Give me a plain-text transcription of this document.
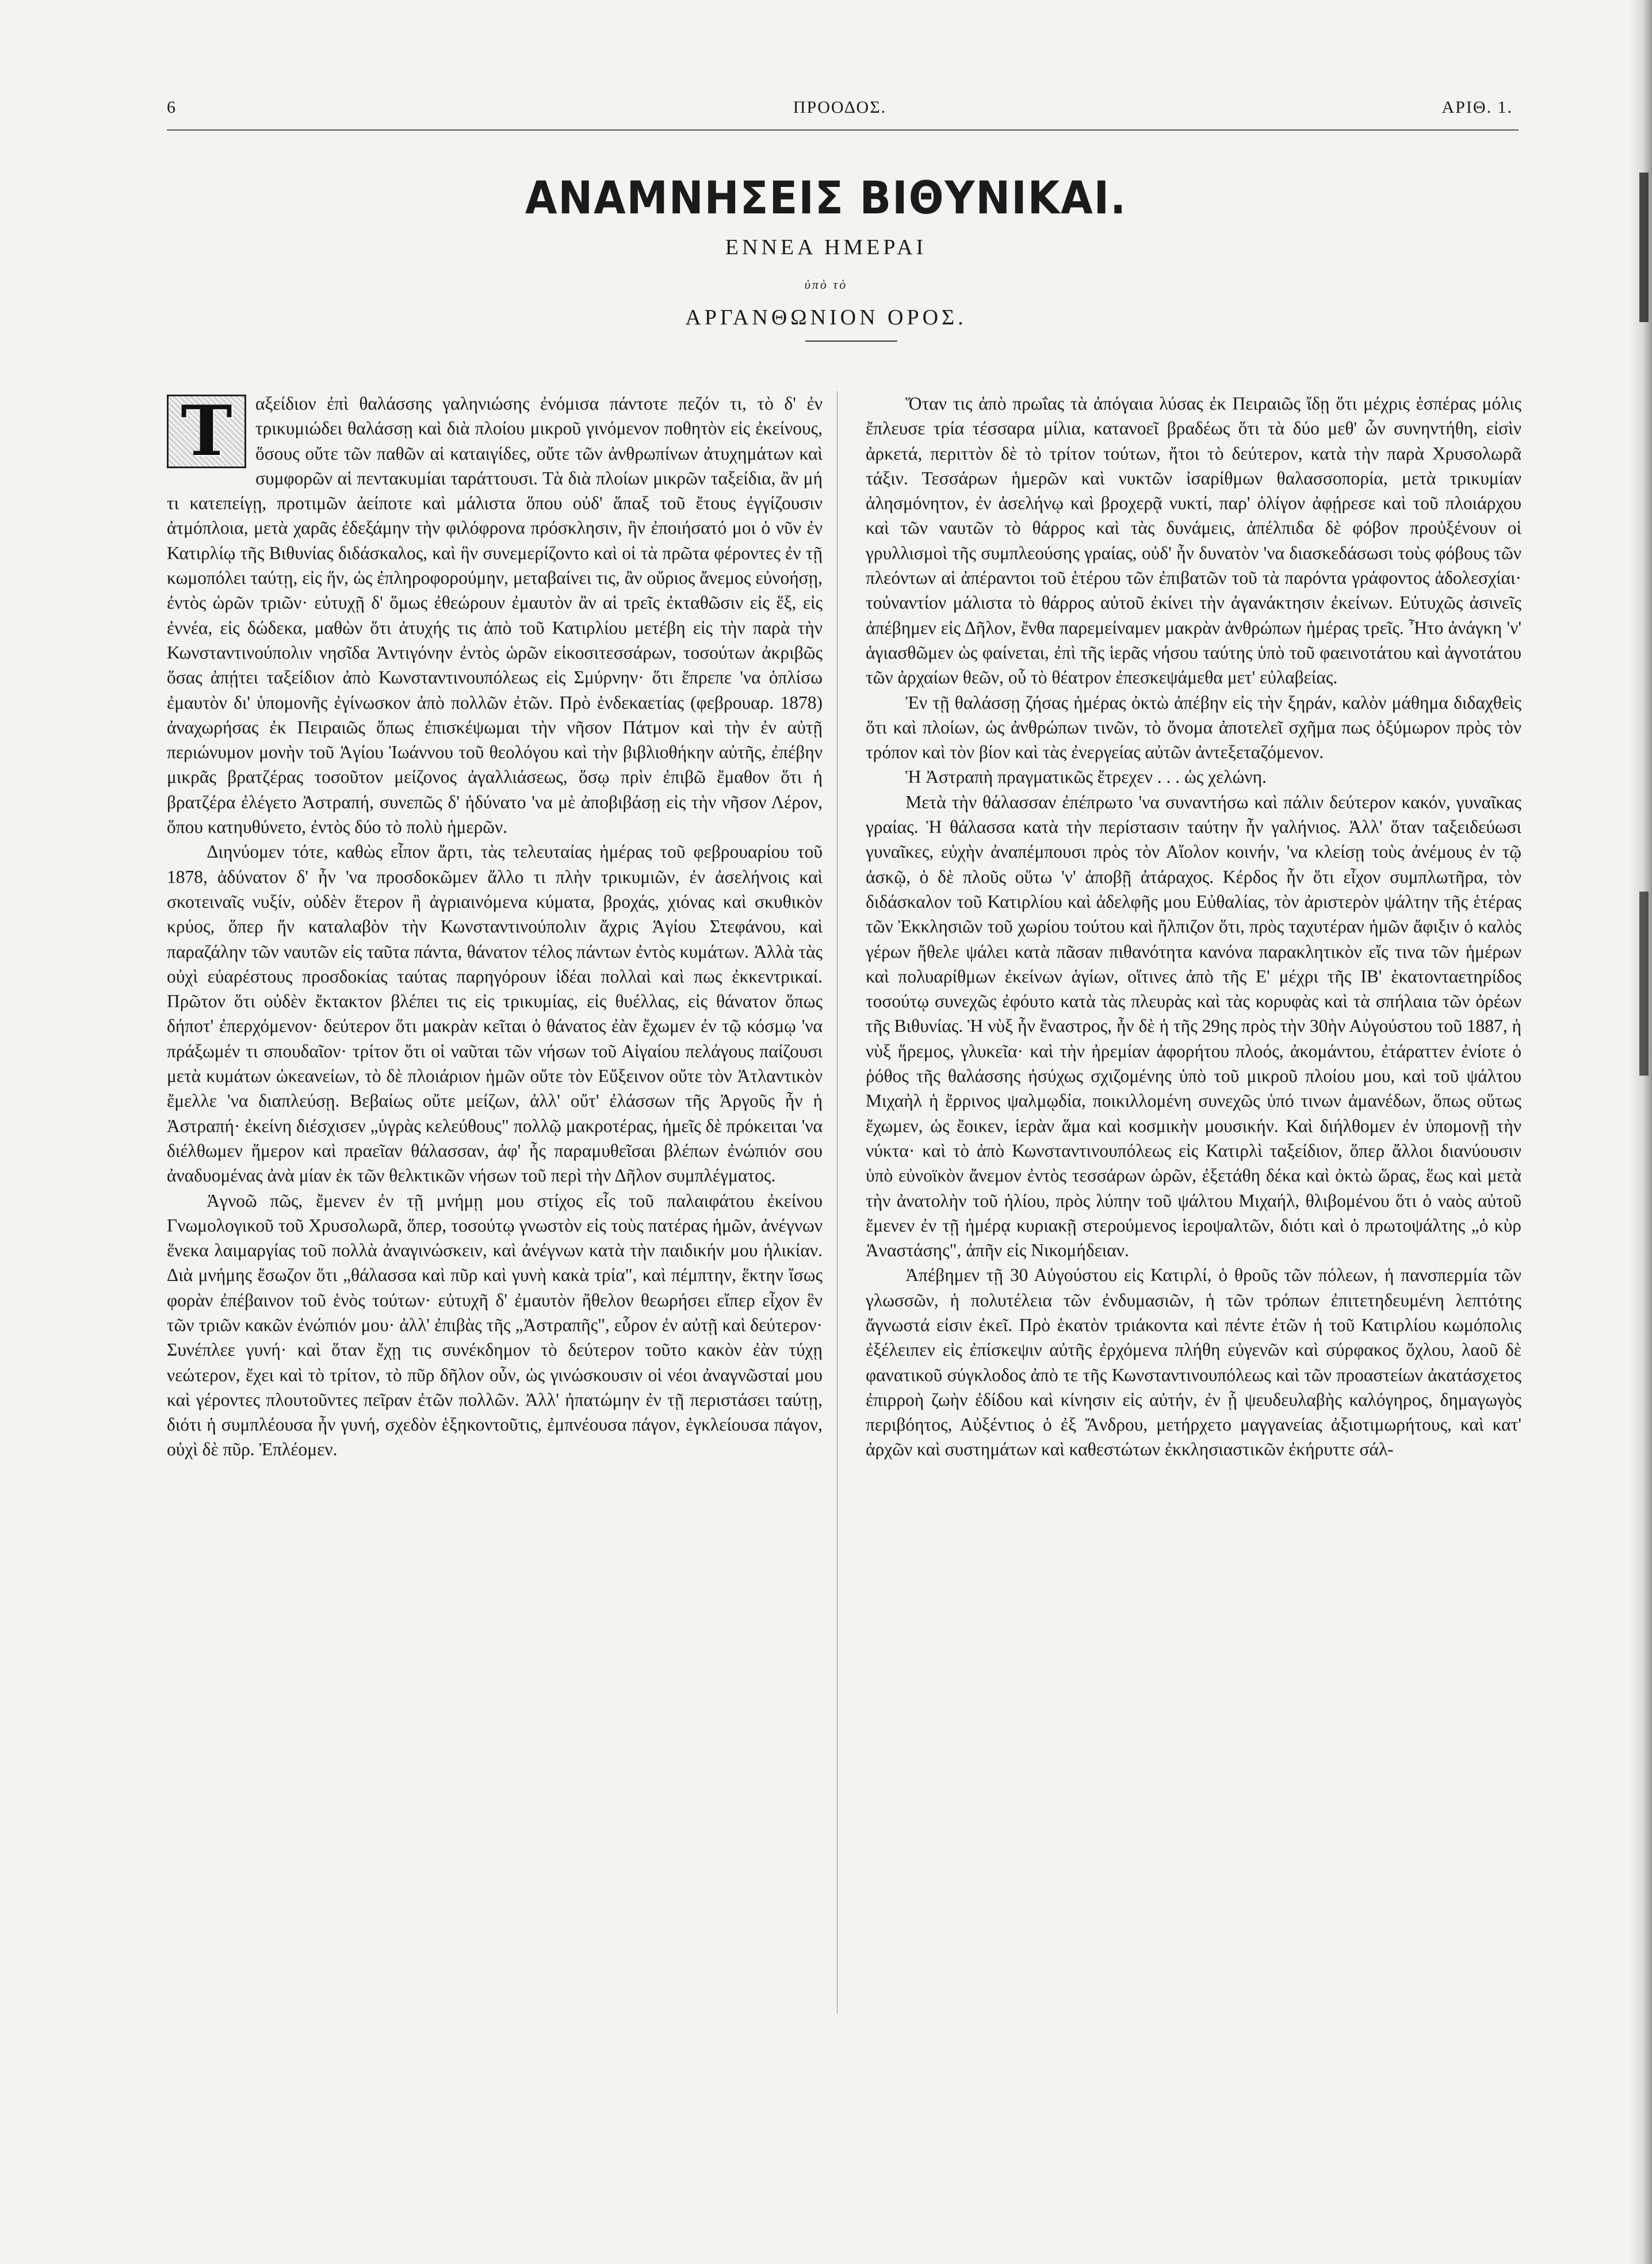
6	ΠΡΟΟΔΟΣ.	ΑΡΙΘ. 1.
ΑΝΑΜΝΗΣΕΙΣ ΒΙΘΥΝΙΚΑΙ.
ΕΝΝΕΑ ΗΜΕΡΑΙ
ὑπὸ τὸ
ΑΡΓΑΝΘΩΝΙΟΝ ΟΡΟΣ.

Τ	αξείδιον ἐπὶ θαλάσσης γαληνιώσης ἐνόμισα πάντοτε πεζόν τι, τὸ δ' ἐν τρικυμιώδει θαλάσσῃ καὶ διὰ πλοίου μικροῦ γινόμενον ποθητὸν εἰς ἐκείνους, ὅσους οὔτε τῶν παθῶν αἱ καταιγίδες, οὔτε τῶν ἀνθρωπίνων ἀτυχημάτων καὶ συμφορῶν αἱ πεντακυμίαι ταράττουσι. Τὰ διὰ πλοίων μικρῶν ταξείδια, ἂν μή τι κατεπείγῃ, προτιμῶν ἀείποτε καὶ μάλιστα ὅπου οὐδ' ἅπαξ τοῦ ἔτους ἐγγίζουσιν ἀτμόπλοια, μετὰ χαρᾶς ἐδεξάμην τὴν φιλόφρονα πρόσκλησιν, ἣν ἐποιήσατό μοι ὁ νῦν ἐν Κατιρλίῳ τῆς Βιθυνίας διδάσκαλος, καὶ ἣν συνεμερίζοντο καὶ οἱ τὰ πρῶτα φέροντες ἐν τῇ κωμοπόλει ταύτῃ, εἰς ἥν, ὡς ἐπληροφορούμην, μεταβαίνει τις, ἂν οὔριος ἄνεμος εὐνοήσῃ, ἐντὸς ὡρῶν τριῶν· εὐτυχῇ δ' ὅμως ἐθεώρουν ἐμαυτὸν ἂν αἱ τρεῖς ἐκταθῶσιν εἰς ἕξ, εἰς ἐννέα, εἰς δώδεκα, μαθὼν ὅτι ἀτυχής τις ἀπὸ τοῦ Κατιρλίου μετέβη εἰς τὴν παρὰ τὴν Κωνσταντινούπολιν νησῖδα Ἀντιγόνην ἐντὸς ὡρῶν εἰκοσιτεσσάρων, τοσούτων ἀκριβῶς ὅσας ἀπῄτει ταξείδιον ἀπὸ Κωνσταντινουπόλεως εἰς Σμύρνην· ὅτι ἔπρεπε 'να ὁπλίσω ἐμαυτὸν δι' ὑπομονῆς ἐγίνωσκον ἀπὸ πολλῶν ἐτῶν. Πρὸ ἑνδεκαετίας (φεβρουαρ. 1878) ἀναχωρήσας ἐκ Πειραιῶς ὅπως ἐπισκέψωμαι τὴν νῆσον Πάτμον καὶ τὴν ἐν αὐτῇ περιώνυμον μονὴν τοῦ Ἁγίου Ἰωάννου τοῦ θεολόγου καὶ τὴν βιβλιοθήκην αὐτῆς, ἐπέβην μικρᾶς βρατζέρας τοσοῦτον μείζονος ἀγαλλιάσεως, ὅσῳ πρὶν ἐπιβῶ ἔμαθον ὅτι ἡ βρατζέρα ἐλέγετο Ἀστραπή, συνεπῶς δ' ἠδύνατο 'να μὲ ἀποβιβάσῃ εἰς τὴν νῆσον Λέρον, ὅπου κατηυθύνετο, ἐντὸς δύο τὸ πολὺ ἡμερῶν.

Διηνύομεν τότε, καθὼς εἶπον ἄρτι, τὰς τελευταίας ἡμέρας τοῦ φεβρουαρίου τοῦ 1878, ἀδύνατον δ' ἦν 'να προσδοκῶμεν ἄλλο τι πλὴν τρικυμιῶν, ἐν ἀσελήνοις καὶ σκοτειναῖς νυξίν, οὐδὲν ἕτερον ἢ ἀγριαινόμενα κύματα, βροχάς, χιόνας καὶ σκυθικὸν κρύος, ὅπερ ἤν καταλαβὸν τὴν Κωνσταντινούπολιν ἄχρις Ἁγίου Στεφάνου, καὶ παραζάλην τῶν ναυτῶν εἰς ταῦτα πάντα, θάνατον τέλος πάντων ἐντὸς κυμάτων. Ἀλλὰ τὰς οὐχὶ εὐαρέστους προσδοκίας ταύτας παρηγόρουν ἰδέαι πολλαὶ καὶ πως ἐκκεντρικαί. Πρῶτον ὅτι οὐδὲν ἔκτακτον βλέπει τις εἰς τρικυμίας, εἰς θυέλλας, εἰς θάνατον ὅπως δήποτ' ἐπερχόμενον· δεύτερον ὅτι μακρὰν κεῖται ὁ θάνατος ἐὰν ἔχωμεν ἐν τῷ κόσμῳ 'να πράξωμέν τι σπουδαῖον· τρίτον ὅτι οἱ ναῦται τῶν νήσων τοῦ Αἰγαίου πελάγους παίζουσι μετὰ κυμάτων ὠκεανείων, τὸ δὲ πλοιάριον ἡμῶν οὔτε τὸν Εὔξεινον οὔτε τὸν Ἀτλαντικὸν ἔμελλε 'να διαπλεύσῃ. Βεβαίως οὔτε μείζων, ἀλλ' οὔτ' ἐλάσσων τῆς Ἀργοῦς ἦν ἡ Ἀστραπή· ἐκείνη διέσχισεν „ὑγρὰς κελεύθους" πολλῷ μακροτέρας, ἡμεῖς δὲ πρόκειται 'να διέλθωμεν ἥμερον καὶ πραεῖαν θάλασσαν, ἀφ' ἧς παραμυθεῖσαι βλέπων ἐνώπιόν σου ἀναδυομένας ἀνὰ μίαν ἐκ τῶν θελκτικῶν νήσων τοῦ περὶ τὴν Δῆλον συμπλέγματος.

Ἀγνοῶ πῶς, ἔμενεν ἐν τῇ μνήμῃ μου στίχος εἷς τοῦ παλαιφάτου ἐκείνου Γνωμολογικοῦ τοῦ Χρυσολωρᾶ, ὅπερ, τοσούτῳ γνωστὸν εἰς τοὺς πατέρας ἡμῶν, ἀνέγνων ἕνεκα λαιμαργίας τοῦ πολλὰ ἀναγινώσκειν, καὶ ἀνέγνων κατὰ τὴν παιδικήν μου ἡλικίαν. Διὰ μνήμης ἔσωζον ὅτι „θάλασσα καὶ πῦρ καὶ γυνὴ κακὰ τρία", καὶ πέμπτην, ἕκτην ἴσως φορὰν ἐπέβαινον τοῦ ἑνὸς τούτων· εὐτυχῆ δ' ἐμαυτὸν ἤθελον θεωρήσει εἴπερ εἶχον ἓν τῶν τριῶν κακῶν ἐνώπιόν μου· ἀλλ' ἐπιβὰς τῆς „Ἀστραπῆς", εὗρον ἐν αὐτῇ καὶ δεύτερον· Συνέπλεε γυνή· καὶ ὅταν ἔχῃ τις συνέκδημον τὸ δεύτερον τοῦτο κακὸν ἐὰν τύχῃ νεώτερον, ἔχει καὶ τὸ τρίτον, τὸ πῦρ δῆλον οὖν, ὡς γινώσκουσιν οἱ νέοι ἀναγνῶσταί μου καὶ γέροντες πλουτοῦντες πεῖραν ἐτῶν πολλῶν. Ἀλλ' ἠπατώμην ἐν τῇ περιστάσει ταύτῃ, διότι ἡ συμπλέουσα ἦν γυνή, σχεδὸν ἑξηκοντοῦτις, ἐμπνέουσα πάγον, ἐγκλείουσα πάγον, οὐχὶ δὲ πῦρ. Ἐπλέομεν.

Ὅταν τις ἀπὸ πρωΐας τὰ ἀπόγαια λύσας ἐκ Πειραιῶς ἴδῃ ὅτι μέχρις ἑσπέρας μόλις ἔπλευσε τρία τέσσαρα μίλια, κατανοεῖ βραδέως ὅτι τὰ δύο μεθ' ὧν συνηντήθη, εἰσὶν ἀρκετά, περιττὸν δὲ τὸ τρίτον τούτων, ἤτοι τὸ δεύτερον, κατὰ τὴν παρὰ Χρυσολωρᾶ τάξιν. Τεσσάρων ἡμερῶν καὶ νυκτῶν ἰσαρίθμων θαλασσοπορία, μετὰ τρικυμίαν ἀλησμόνητον, ἐν ἀσελήνῳ καὶ βροχερᾷ νυκτί, παρ' ὀλίγον ἀφῄρεσε καὶ τοῦ πλοιάρχου καὶ τῶν ναυτῶν τὸ θάρρος καὶ τὰς δυνάμεις, ἀπέλπιδα δὲ φόβον προὐξένουν οἱ γρυλλισμοὶ τῆς συμπλεούσης γραίας, οὐδ' ἦν δυνατὸν 'να διασκεδάσωσι τοὺς φόβους τῶν πλεόντων αἱ ἀπέραντοι τοῦ ἑτέρου τῶν ἐπιβατῶν τοῦ τὰ παρόντα γράφοντος ἀδολεσχίαι· τοὐναντίον μάλιστα τὸ θάρρος αὐτοῦ ἐκίνει τὴν ἀγανάκτησιν ἐκείνων. Εὐτυχῶς ἀσινεῖς ἀπέβημεν εἰς Δῆλον, ἔνθα παρεμείναμεν μακρὰν ἀνθρώπων ἡμέρας τρεῖς. Ἦτο ἀνάγκη 'ν' ἁγιασθῶμεν ὡς φαίνεται, ἐπὶ τῆς ἱερᾶς νήσου ταύτης ὑπὸ τοῦ φαεινοτάτου καὶ ἀγνοτάτου τῶν ἀρχαίων θεῶν, οὗ τὸ θέατρον ἐπεσκεψάμεθα μετ' εὐλαβείας.

Ἐν τῇ θαλάσσῃ ζήσας ἡμέρας ὀκτὼ ἀπέβην εἰς τὴν ξηράν, καλὸν μάθημα διδαχθεὶς ὅτι καὶ πλοίων, ὡς ἀνθρώπων τινῶν, τὸ ὄνομα ἀποτελεῖ σχῆμα πως ὀξύμωρον πρὸς τὸν τρόπον καὶ τὸν βίον καὶ τὰς ἐνεργείας αὐτῶν ἀντεξεταζόμενον.

Ἡ Ἀστραπὴ πραγματικῶς ἔτρεχεν . . . ὡς χελώνη.

Μετὰ τὴν θάλασσαν ἐπέπρωτο 'να συναντήσω καὶ πάλιν δεύτερον κακόν, γυναῖκας γραίας. Ἡ θάλασσα κατὰ τὴν περίστασιν ταύτην ἦν γαλήνιος. Ἀλλ' ὅταν ταξειδεύωσι γυναῖκες, εὐχὴν ἀναπέμπουσι πρὸς τὸν Αἴολον κοινήν, 'να κλείσῃ τοὺς ἀνέμους ἐν τῷ ἀσκῷ, ὁ δὲ πλοῦς οὕτω 'ν' ἀποβῇ ἀτάραχος. Κέρδος ἦν ὅτι εἶχον συμπλωτῆρα, τὸν διδάσκαλον τοῦ Κατιρλίου καὶ ἀδελφῆς μου Εὐθαλίας, τὸν ἀριστερὸν ψάλτην τῆς ἑτέρας τῶν Ἐκκλησιῶν τοῦ χωρίου τούτου καὶ ἤλπιζον ὅτι, πρὸς ταχυτέραν ἡμῶν ἄφιξιν ὁ καλὸς γέρων ἤθελε ψάλει κατὰ πᾶσαν πιθανότητα κανόνα παρακλητικὸν εἴς τινα τῶν ἡμέρων καὶ πολυαρίθμων ἐκείνων ἁγίων, οἵτινες ἀπὸ τῆς Ε' μέχρι τῆς ΙΒ' ἑκατονταετηρίδος τοσούτῳ συνεχῶς ἐφόυτο κατὰ τὰς πλευρὰς καὶ τὰς κορυφὰς καὶ τὰ σπήλαια τῶν ὀρέων τῆς Βιθυνίας. Ἡ νὺξ ἦν ἔναστρος, ἦν δὲ ἡ τῆς 29ης πρὸς τὴν 30ὴν Αὐγούστου τοῦ 1887, ἡ νὺξ ἥρεμος, γλυκεῖα· καὶ τὴν ἠρεμίαν ἀφορήτου πλοός, ἀκομάντου, ἐτάραττεν ἐνίοτε ὁ ῥόθος τῆς θαλάσσης ἠσύχως σχιζομένης ὑπὸ τοῦ μικροῦ πλοίου μου, καὶ τοῦ ψάλτου Μιχαὴλ ἡ ἔρρινος ψαλμῳδία, ποικιλλομένη συνεχῶς ὑπό τινων ἀμανέδων, ὅπως οὕτως ἔχωμεν, ὡς ἔοικεν, ἱερὰν ἅμα καὶ κοσμικὴν μουσικήν. Καὶ διήλθομεν ἐν ὑπομονῇ τὴν νύκτα· καὶ τὸ ἀπὸ Κωνσταντινουπόλεως εἰς Κατιρλὶ ταξείδιον, ὅπερ ἄλλοι διανύουσιν ὑπὸ εὐνοϊκὸν ἄνεμον ἐντὸς τεσσάρων ὡρῶν, ἐξετάθη δέκα καὶ ὀκτὼ ὥρας, ἕως καὶ μετὰ τὴν ἀνατολὴν τοῦ ἡλίου, πρὸς λύπην τοῦ ψάλτου Μιχαήλ, θλιβομένου ὅτι ὁ ναὸς αὐτοῦ ἔμενεν ἐν τῇ ἡμέρᾳ κυριακῇ στερούμενος ἱεροψαλτῶν, διότι καὶ ὁ πρωτοψάλτης „ὁ κὺρ Ἀναστάσης", ἀπῆν εἰς Νικομήδειαν.

Ἀπέβημεν τῇ 30 Αὐγούστου εἰς Κατιρλί, ὁ θροῦς τῶν πόλεων, ἡ πανσπερμία τῶν γλωσσῶν, ἡ πολυτέλεια τῶν ἐνδυμασιῶν, ἡ τῶν τρόπων ἐπιτετηδευμένη λεπτότης ἄγνωστά εἰσιν ἐκεῖ. Πρὸ ἑκατὸν τριάκοντα καὶ πέντε ἐτῶν ἡ τοῦ Κατιρλίου κωμόπολις ἐξέλειπεν εἰς ἐπίσκεψιν αὐτῆς ἐρχόμενα πλήθη εὐγενῶν καὶ σύρφακος ὄχλου, λαοῦ δὲ φανατικοῦ σύγκλοδος ἀπὸ τε τῆς Κωνσταντινουπόλεως καὶ τῶν προαστείων ἀκατάσχετος ἐπιρροὴ ζωὴν ἐδίδου καὶ κίνησιν εἰς αὐτήν, ἐν ᾗ ψευδευλαβὴς καλόγηρος, δημαγωγὸς περιβόητος, Αὐξέντιος ὁ ἐξ Ἄνδρου, μετήρχετο μαγγανείας ἀξιοτιμωρήτους, καὶ κατ' ἀρχῶν καὶ συστημάτων καὶ καθεστώτων ἐκκλησιαστικῶν ἐκήρυττε σάλ-
